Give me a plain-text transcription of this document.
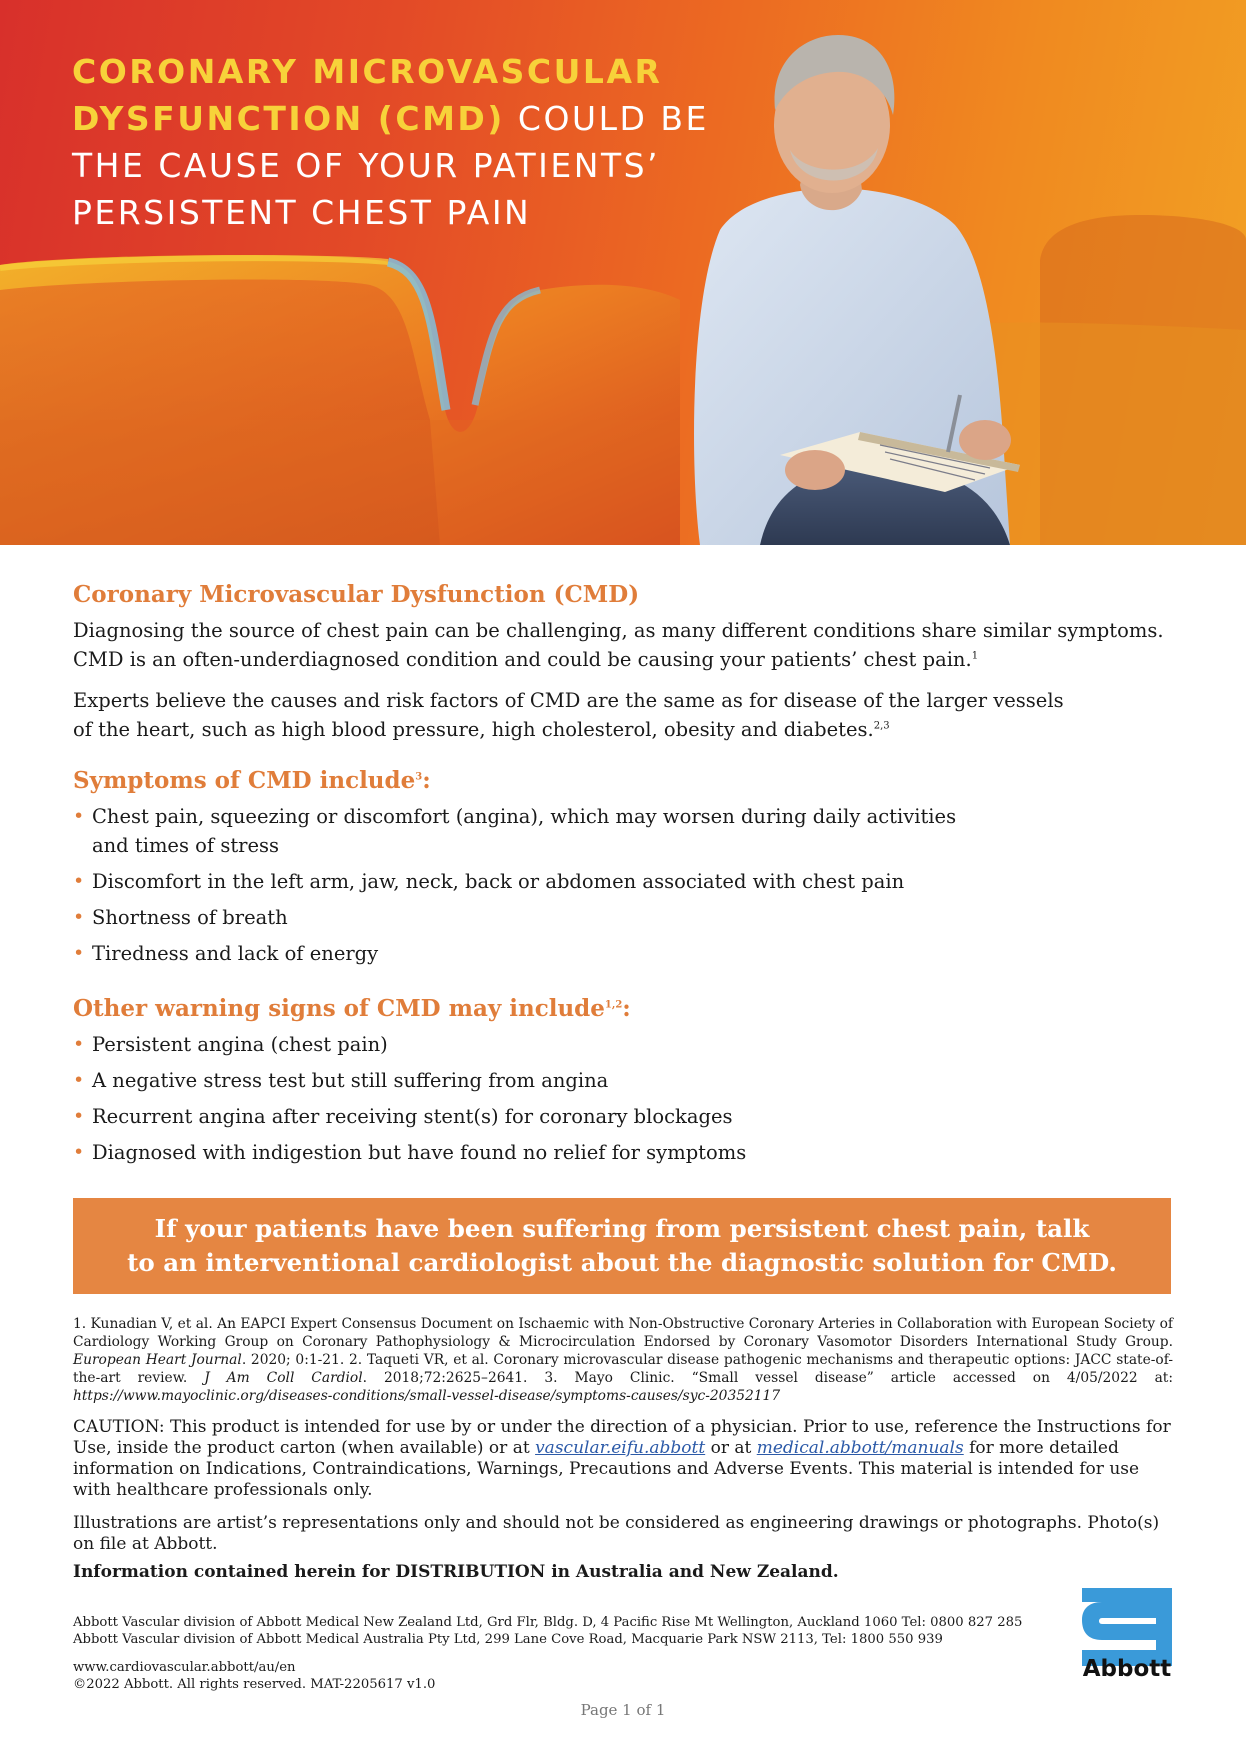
CORONARY MICROVASCULAR DYSFUNCTION (CMD) COULD BE THE CAUSE OF YOUR PATIENTS’ PERSISTENT CHEST PAIN
Coronary Microvascular Dysfunction (CMD)

Diagnosing the source of chest pain can be challenging, as many different conditions share similar symptoms. CMD is an often-underdiagnosed condition and could be causing your patients’ chest pain.$^1$

Experts believe the causes and risk factors of CMD are the same as for disease of the larger vessels
of the heart, such as high blood pressure, high cholesterol, obesity and diabetes.$^{2,3}$

Symptoms of CMD include$^3$:
• Chest pain, squeezing or discomfort (angina), which may worsen during daily activities
and times of stress
• Discomfort in the left arm, jaw, neck, back or abdomen associated with chest pain
• Shortness of breath
• Tiredness and lack of energy
Other warning signs of CMD may include$^{1,2}$:
• Persistent angina (chest pain)
• A negative stress test but still suffering from angina
• Recurrent angina after receiving stent(s) for coronary blockages
• Diagnosed with indigestion but have found no relief for symptoms
If your patients have been suffering from persistent chest pain, talk
to an interventional cardiologist about the diagnostic solution for CMD.
1. Kunadian V, et al. An EAPCI Expert Consensus Document on Ischaemic with Non-Obstructive Coronary Arteries in Collaboration with European Society of Cardiology Working Group on Coronary Pathophysiology & Microcirculation Endorsed by Coronary Vasomotor Disorders International Study Group. European Heart Journal. 2020; 0:1-21. 2. Taqueti VR, et al. Coronary microvascular disease pathogenic mechanisms and therapeutic options: JACC state-of-the-art review. J Am Coll Cardiol. 2018;72:2625–2641. 3. Mayo Clinic. “Small vessel disease” article accessed on 4/05/2022 at: https://www.mayoclinic.org/diseases-conditions/small-vessel-disease/symptoms-causes/syc-20352117
CAUTION: This product is intended for use by or under the direction of a physician. Prior to use, reference the Instructions for Use, inside the product carton (when available) or at vascular.eifu.abbott or at medical.abbott/manuals for more detailed information on Indications, Contraindications, Warnings, Precautions and Adverse Events. This material is intended for use with healthcare professionals only.
Illustrations are artist’s representations only and should not be considered as engineering drawings or photographs. Photo(s) on file at Abbott.
Information contained herein for DISTRIBUTION in Australia and New Zealand.
Abbott Vascular division of Abbott Medical New Zealand Ltd, Grd Flr, Bldg. D, 4 Pacific Rise Mt Wellington, Auckland 1060 Tel: 0800 827 285
Abbott Vascular division of Abbott Medical Australia Pty Ltd, 299 Lane Cove Road, Macquarie Park NSW 2113, Tel: 1800 550 939
www.cardiovascular.abbott/au/en
©2022 Abbott. All rights reserved. MAT-2205617 v1.0
Abbott
Page 1 of 1
